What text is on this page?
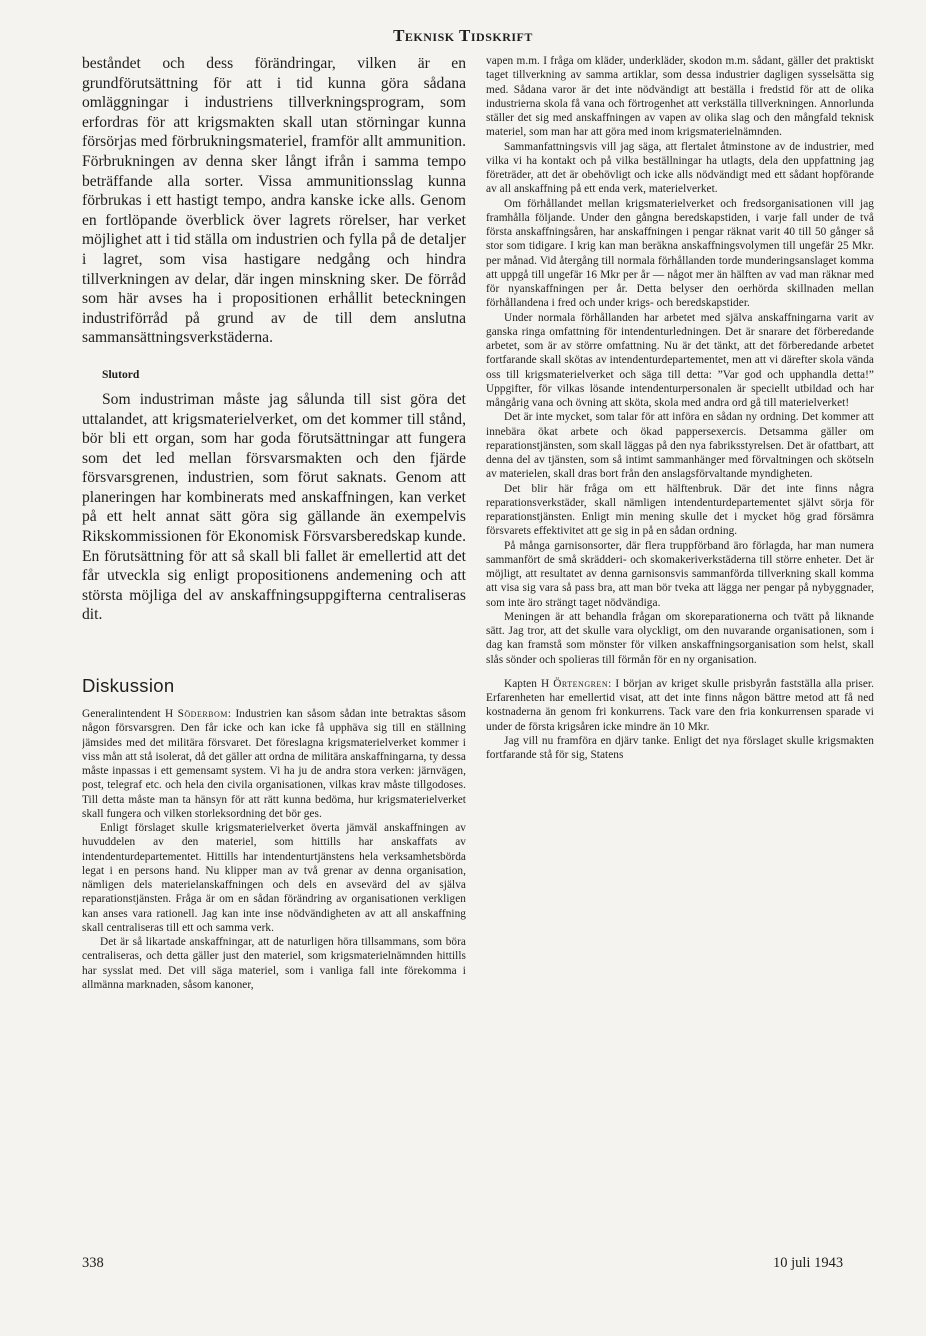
Teknisk Tidskrift

beståndet och dess förändringar, vilken är en grundförutsättning för att i tid kunna göra sådana omläggningar i industriens tillverkningsprogram, som erfordras för att krigsmakten skall utan störningar kunna försörjas med förbrukningsmateriel, framför allt ammunition. Förbrukningen av denna sker långt ifrån i samma tempo beträffande alla sorter. Vissa ammunitionsslag kunna förbrukas i ett hastigt tempo, andra kanske icke alls. Genom en fortlöpande överblick över lagrets rörelser, har verket möjlighet att i tid ställa om industrien och fylla på de detaljer i lagret, som visa hastigare nedgång och hindra tillverkningen av delar, där ingen minskning sker. De förråd som här avses ha i propositionen erhållit beteckningen industriförråd på grund av de till dem anslutna sammansättningsverkstäderna.

Slutord

Som industriman måste jag sålunda till sist göra det uttalandet, att krigsmaterielverket, om det kommer till stånd, bör bli ett organ, som har goda förutsättningar att fungera som det led mellan försvarsmakten och den fjärde försvarsgrenen, industrien, som förut saknats. Genom att planeringen har kombinerats med anskaffningen, kan verket på ett helt annat sätt göra sig gällande än exempelvis Rikskommissionen för Ekonomisk Försvarsberedskap kunde. En förutsättning för att så skall bli fallet är emellertid att det får utveckla sig enligt propositionens andemening och att största möjliga del av anskaffningsuppgifterna centraliseras dit.

Diskussion

Generalintendent H Söderbom: Industrien kan såsom sådan inte betraktas såsom någon försvarsgren. Den får icke och kan icke få upphäva sig till en ställning jämsides med det militära försvaret. Det föreslagna krigsmaterielverket kommer i viss mån att stå isolerat, då det gäller att ordna de militära anskaffningarna, ty dessa måste inpassas i ett gemensamt system. Vi ha ju de andra stora verken: järnvägen, post, telegraf etc. och hela den civila organisationen, vilkas krav måste tillgodoses. Till detta måste man ta hänsyn för att rätt kunna bedöma, hur krigsmaterielverket skall fungera och vilken storleksordning det bör ges.

Enligt förslaget skulle krigsmaterielverket överta jämväl anskaffningen av huvuddelen av den materiel, som hittills har anskaffats av intendenturdepartementet. Hittills har intendenturtjänstens hela verksamhetsbörda legat i en persons hand. Nu klipper man av två grenar av denna organisation, nämligen dels materielanskaffningen och dels en avsevärd del av själva reparationstjänsten. Fråga är om en sådan förändring av organisationen verkligen kan anses vara rationell. Jag kan inte inse nödvändigheten av att all anskaffning skall centraliseras till ett och samma verk.

Det är så likartade anskaffningar, att de naturligen höra tillsammans, som böra centraliseras, och detta gäller just den materiel, som krigsmaterielnämnden hittills har sysslat med. Det vill säga materiel, som i vanliga fall inte förekomma i allmänna marknaden, såsom kanoner,

vapen m.m. I fråga om kläder, underkläder, skodon m.m. sådant, gäller det praktiskt taget tillverkning av samma artiklar, som dessa industrier dagligen sysselsätta sig med. Sådana varor är det inte nödvändigt att beställa i fredstid för att de olika industrierna skola få vana och förtrogenhet att verkställa tillverkningen. Annorlunda ställer det sig med anskaffningen av vapen av olika slag och den mångfald teknisk materiel, som man har att göra med inom krigsmaterielnämnden.

Sammanfattningsvis vill jag säga, att flertalet åtminstone av de industrier, med vilka vi ha kontakt och på vilka beställningar ha utlagts, dela den uppfattning jag företräder, att det är obehövligt och icke alls nödvändigt med ett sådant hopförande av all anskaffning på ett enda verk, materielverket.

Om förhållandet mellan krigsmaterielverket och fredsorganisationen vill jag framhålla följande. Under den gångna beredskapstiden, i varje fall under de två första anskaffningsåren, har anskaffningen i pengar räknat varit 40 till 50 gånger så stor som tidigare. I krig kan man beräkna anskaffningsvolymen till ungefär 25 Mkr. per månad. Vid återgång till normala förhållanden torde munderingsanslaget komma att uppgå till ungefär 16 Mkr per år — något mer än hälften av vad man räknar med för nyanskaffningen per år. Detta belyser den oerhörda skillnaden mellan förhållandena i fred och under krigs- och beredskapstider.

Under normala förhållanden har arbetet med själva anskaffningarna varit av ganska ringa omfattning för intendenturledningen. Det är snarare det förberedande arbetet, som är av större omfattning. Nu är det tänkt, att det förberedande arbetet fortfarande skall skötas av intendenturdepartementet, men att vi därefter skola vända oss till krigsmaterielverket och säga till detta: ”Var god och upphandla detta!” Uppgifter, för vilkas lösande intendenturpersonalen är speciellt utbildad och har mångårig vana och övning att sköta, skola med andra ord gå till materielverket!

Det är inte mycket, som talar för att införa en sådan ny ordning. Det kommer att innebära ökat arbete och ökad pappersexercis. Detsamma gäller om reparationstjänsten, som skall läggas på den nya fabriksstyrelsen. Det är ofattbart, att denna del av tjänsten, som så intimt sammanhänger med förvaltningen och skötseln av materielen, skall dras bort från den anslagsförvaltande myndigheten.

Det blir här fråga om ett hälftenbruk. Där det inte finns några reparationsverkstäder, skall nämligen intendenturdepartementet självt sörja för reparationstjänsten. Enligt min mening skulle det i mycket hög grad försämra försvarets effektivitet att ge sig in på en sådan ordning.

På många garnisonsorter, där flera truppförband äro förlagda, har man numera sammanfört de små skrädderi- och skomakeriverkstäderna till större enheter. Det är möjligt, att resultatet av denna garnisonsvis sammanförda tillverkning skall komma att visa sig vara så pass bra, att man bör tveka att lägga ner pengar på nybyggnader, som inte äro strängt taget nödvändiga.

Meningen är att behandla frågan om skoreparationerna och tvätt på liknande sätt. Jag tror, att det skulle vara olyckligt, om den nuvarande organisationen, som i dag kan framstå som mönster för vilken anskaffningsorganisation som helst, skall slås sönder och spolieras till förmån för en ny organisation.

Kapten H Örtengren: I början av kriget skulle prisbyrån fastställa alla priser. Erfarenheten har emellertid visat, att det inte finns någon bättre metod att få ned kostnaderna än genom fri konkurrens. Tack vare den fria konkurrensen sparade vi under de första krigsåren icke mindre än 10 Mkr.

Jag vill nu framföra en djärv tanke. Enligt det nya förslaget skulle krigsmakten fortfarande stå för sig, Statens

338	10 juli 1943
